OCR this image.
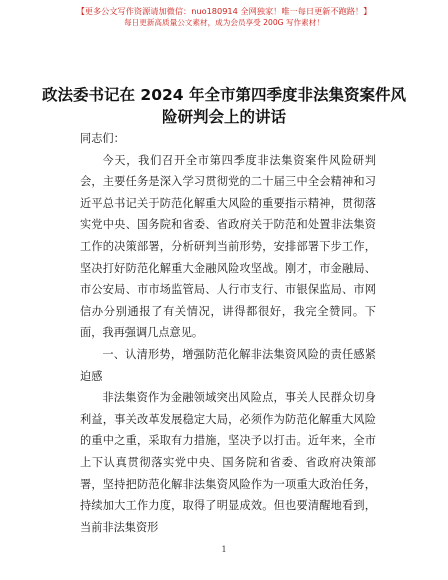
【更多公文写作资源请加微信：nuo180914 全网独家！唯一每日更新不跑路！】
每日更新高质量公文素材，成为会员享受 200G 写作素材！
政法委书记在 2024 年全市第四季度非法集资案件风险研判会上的讲话

同志们：

今天，我们召开全市第四季度非法集资案件风险研判会，主要任务是深入学习贯彻党的二十届三中全会精神和习近平总书记关于防范化解重大风险的重要指示精神，贯彻落实党中央、国务院和省委、省政府关于防范和处置非法集资工作的决策部署，分析研判当前形势，安排部署下步工作，坚决打好防范化解重大金融风险攻坚战。刚才，市金融局、市公安局、市市场监管局、人行市支行、市银保监局、市网信办分别通报了有关情况，讲得都很好，我完全赞同。下面，我再强调几点意见。

一、认清形势，增强防范化解非法集资风险的责任感紧迫感

非法集资作为金融领域突出风险点，事关人民群众切身利益，事关改革发展稳定大局，必须作为防范化解重大风险的重中之重，采取有力措施，坚决予以打击。近年来，全市上下认真贯彻落实党中央、国务院和省委、省政府决策部署，坚持把防范化解非法集资风险作为一项重大政治任务，持续加大工作力度，取得了明显成效。但也要清醒地看到，当前非法集资形

1
